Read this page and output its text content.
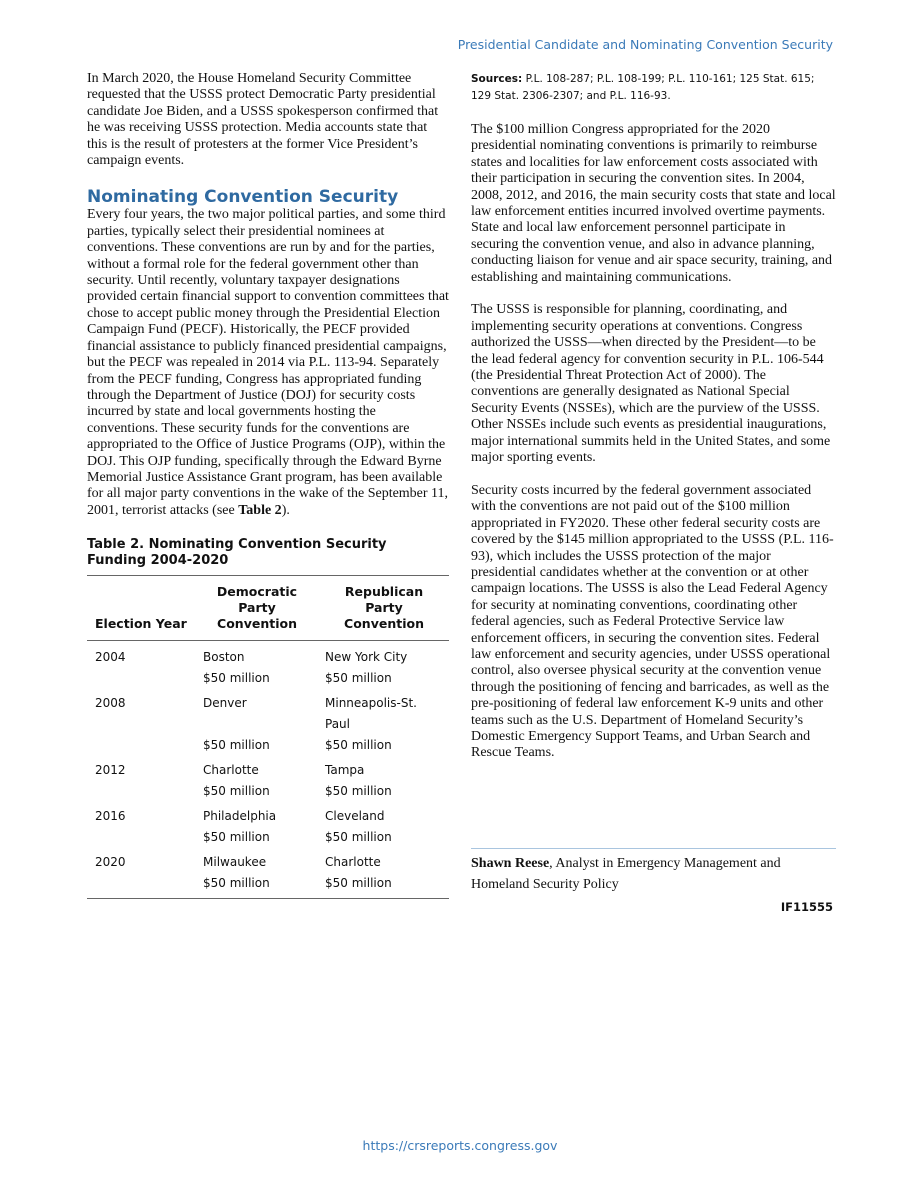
Presidential Candidate and Nominating Convention Security

In March 2020, the House Homeland Security Committee requested that the USSS protect Democratic Party presidential candidate Joe Biden, and a USSS spokesperson confirmed that he was receiving USSS protection. Media accounts state that this is the result of protesters at the former Vice President’s campaign events.

Nominating Convention Security

Every four years, the two major political parties, and some third parties, typically select their presidential nominees at conventions. These conventions are run by and for the parties, without a formal role for the federal government other than security. Until recently, voluntary taxpayer designations provided certain financial support to convention committees that chose to accept public money through the Presidential Election Campaign Fund (PECF). Historically, the PECF provided financial assistance to publicly financed presidential campaigns, but the PECF was repealed in 2014 via P.L. 113-94. Separately from the PECF funding, Congress has appropriated funding through the Department of Justice (DOJ) for security costs incurred by state and local governments hosting the conventions. These security funds for the conventions are appropriated to the Office of Justice Programs (OJP), within the DOJ. This OJP funding, specifically through the Edward Byrne Memorial Justice Assistance Grant program, has been available for all major party conventions in the wake of the September 11, 2001, terrorist attacks (see Table 2).

Table 2. Nominating Convention Security Funding 2004-2020
Election Year	Democratic Party Convention	Republican Party Convention
2004	Boston	New York City
	$50 million	$50 million
2008	Denver	Minneapolis-St. Paul
	$50 million	$50 million
2012	Charlotte	Tampa
	$50 million	$50 million
2016	Philadelphia	Cleveland
	$50 million	$50 million
2020	Milwaukee	Charlotte
	$50 million	$50 million

Sources: P.L. 108-287; P.L. 108-199; P.L. 110-161; 125 Stat. 615; 129 Stat. 2306-2307; and P.L. 116-93.

The $100 million Congress appropriated for the 2020 presidential nominating conventions is primarily to reimburse states and localities for law enforcement costs associated with their participation in securing the convention sites. In 2004, 2008, 2012, and 2016, the main security costs that state and local law enforcement entities incurred involved overtime payments. State and local law enforcement personnel participate in securing the convention venue, and also in advance planning, conducting liaison for venue and air space security, training, and establishing and maintaining communications.

The USSS is responsible for planning, coordinating, and implementing security operations at conventions. Congress authorized the USSS—when directed by the President—to be the lead federal agency for convention security in P.L. 106-544 (the Presidential Threat Protection Act of 2000). The conventions are generally designated as National Special Security Events (NSSEs), which are the purview of the USSS. Other NSSEs include such events as presidential inaugurations, major international summits held in the United States, and some major sporting events.

Security costs incurred by the federal government associated with the conventions are not paid out of the $100 million appropriated in FY2020. These other federal security costs are covered by the $145 million appropriated to the USSS (P.L. 116-93), which includes the USSS protection of the major presidential candidates whether at the convention or at other campaign locations. The USSS is also the Lead Federal Agency for security at nominating conventions, coordinating other federal agencies, such as Federal Protective Service law enforcement officers, in securing the convention sites. Federal law enforcement and security agencies, under USSS operational control, also oversee physical security at the convention venue through the positioning of fencing and barricades, as well as the pre-positioning of federal law enforcement K-9 units and other teams such as the U.S. Department of Homeland Security’s Domestic Emergency Support Teams, and Urban Search and Rescue Teams.

Shawn Reese, Analyst in Emergency Management and Homeland Security Policy
IF11555
https://crsreports.congress.gov
